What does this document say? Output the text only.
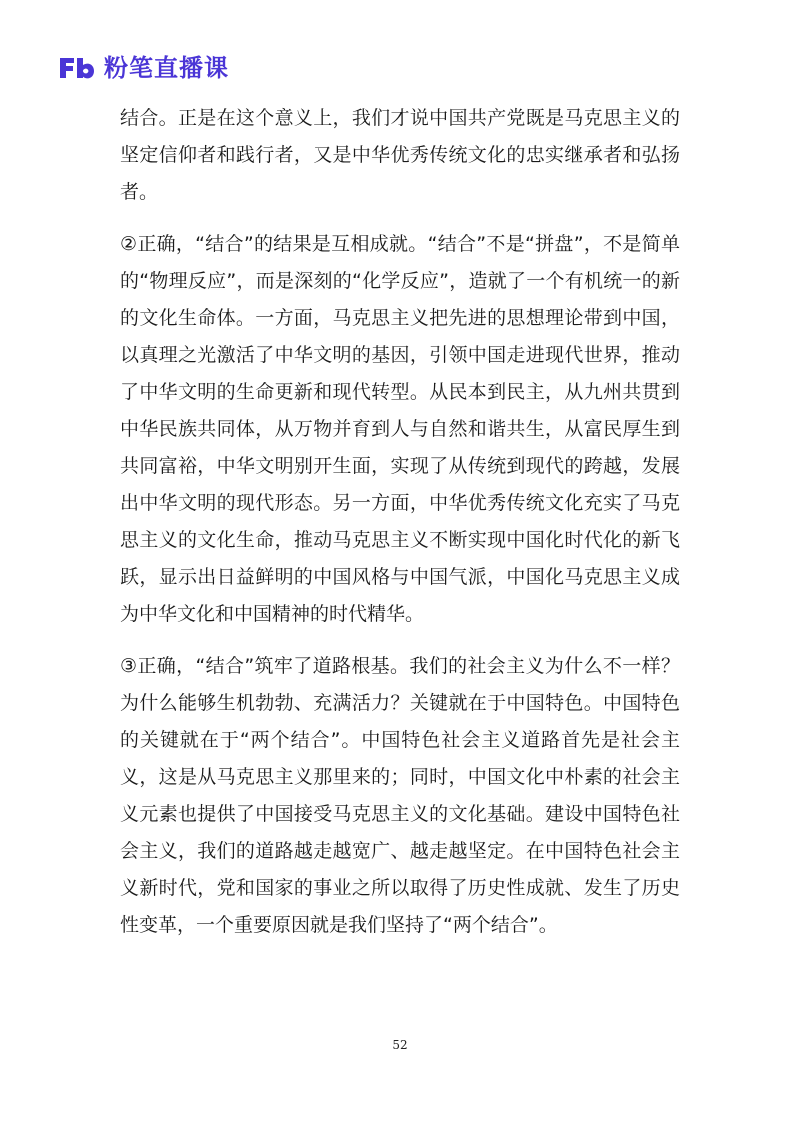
粉笔直播课

结合。正是在这个意义上，我们才说中国共产党既是马克思主义的坚定信仰者和践行者，又是中华优秀传统文化的忠实继承者和弘扬者。

②正确，“结合”的结果是互相成就。“结合”不是“拼盘”，不是简单的“物理反应”，而是深刻的“化学反应”，造就了一个有机统一的新的文化生命体。一方面，马克思主义把先进的思想理论带到中国，以真理之光激活了中华文明的基因，引领中国走进现代世界，推动了中华文明的生命更新和现代转型。从民本到民主，从九州共贯到中华民族共同体，从万物并育到人与自然和谐共生，从富民厚生到共同富裕，中华文明别开生面，实现了从传统到现代的跨越，发展出中华文明的现代形态。另一方面，中华优秀传统文化充实了马克思主义的文化生命，推动马克思主义不断实现中国化时代化的新飞跃，显示出日益鲜明的中国风格与中国气派，中国化马克思主义成为中华文化和中国精神的时代精华。

③正确，“结合”筑牢了道路根基。我们的社会主义为什么不一样？为什么能够生机勃勃、充满活力？关键就在于中国特色。中国特色的关键就在于“两个结合”。中国特色社会主义道路首先是社会主义，这是从马克思主义那里来的；同时，中国文化中朴素的社会主义元素也提供了中国接受马克思主义的文化基础。建设中国特色社会主义，我们的道路越走越宽广、越走越坚定。在中国特色社会主义新时代，党和国家的事业之所以取得了历史性成就、发生了历史性变革，一个重要原因就是我们坚持了“两个结合”。

52
